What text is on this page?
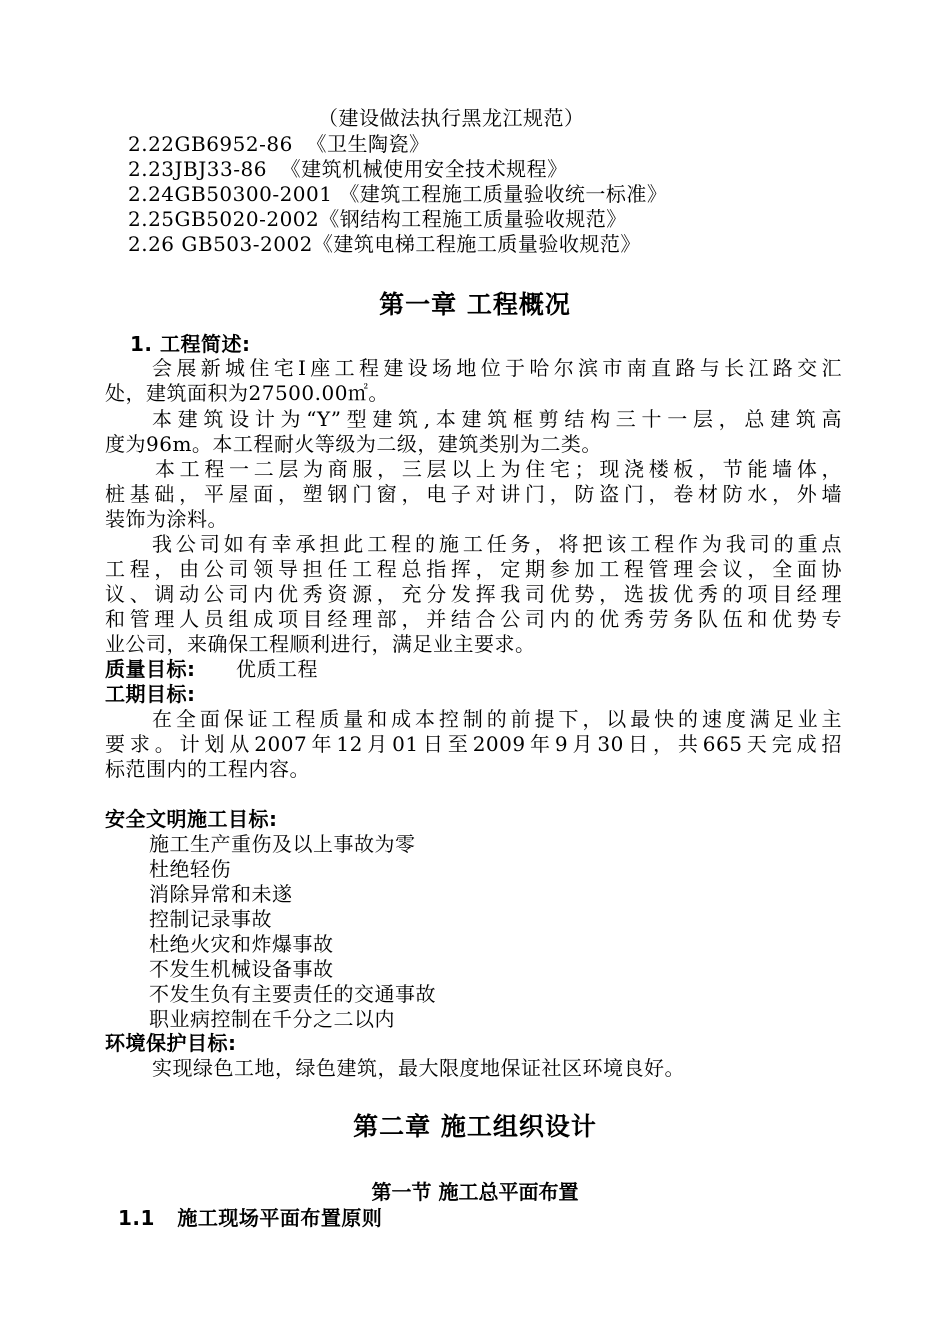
（建设做法执行黑龙江规范）

2.22GB6952-86  《卫生陶瓷》

2.23JBJ33-86  《建筑机械使用安全技术规程》

2.24GB50300-2001 《建筑工程施工质量验收统一标准》

2.25GB5020-2002《钢结构工程施工质量验收规范》

2.26 GB503-2002《建筑电梯工程施工质量验收规范》

第一章 工程概况

1. 工程简述:

会展新城住宅Ⅰ座工程建设场地位于哈尔滨市南直路与长江路交汇

处，建筑面积为27500.00㎡。

本建筑设计为“Y”型建筑,本建筑框剪结构三十一层，总建筑高

度为96m。本工程耐火等级为二级，建筑类别为二类。

本工程一二层为商服，三层以上为住宅；现浇楼板，节能墙体，

桩基础，平屋面，塑钢门窗，电子对讲门，防盗门，卷材防水，外墙

装饰为涂料。

我公司如有幸承担此工程的施工任务，将把该工程作为我司的重点

工程，由公司领导担任工程总指挥，定期参加工程管理会议，全面协

议、调动公司内优秀资源，充分发挥我司优势，选拔优秀的项目经理

和管理人员组成项目经理部，并结合公司内的优秀劳务队伍和优势专

业公司，来确保工程顺利进行，满足业主要求。

质量目标: 优质工程

工期目标:

在全面保证工程质量和成本控制的前提下，以最快的速度满足业主

要求。计划从2007年12月01日至2009年9月30日，共665天完成招

标范围内的工程内容。

安全文明施工目标:

施工生产重伤及以上事故为零

杜绝轻伤

消除异常和未遂

控制记录事故

杜绝火灾和炸爆事故

不发生机械设备事故

不发生负有主要责任的交通事故

职业病控制在千分之二以内

环境保护目标:

实现绿色工地，绿色建筑，最大限度地保证社区环境良好。

第二章 施工组织设计
第一节 施工总平面布置

1.1   施工现场平面布置原则
